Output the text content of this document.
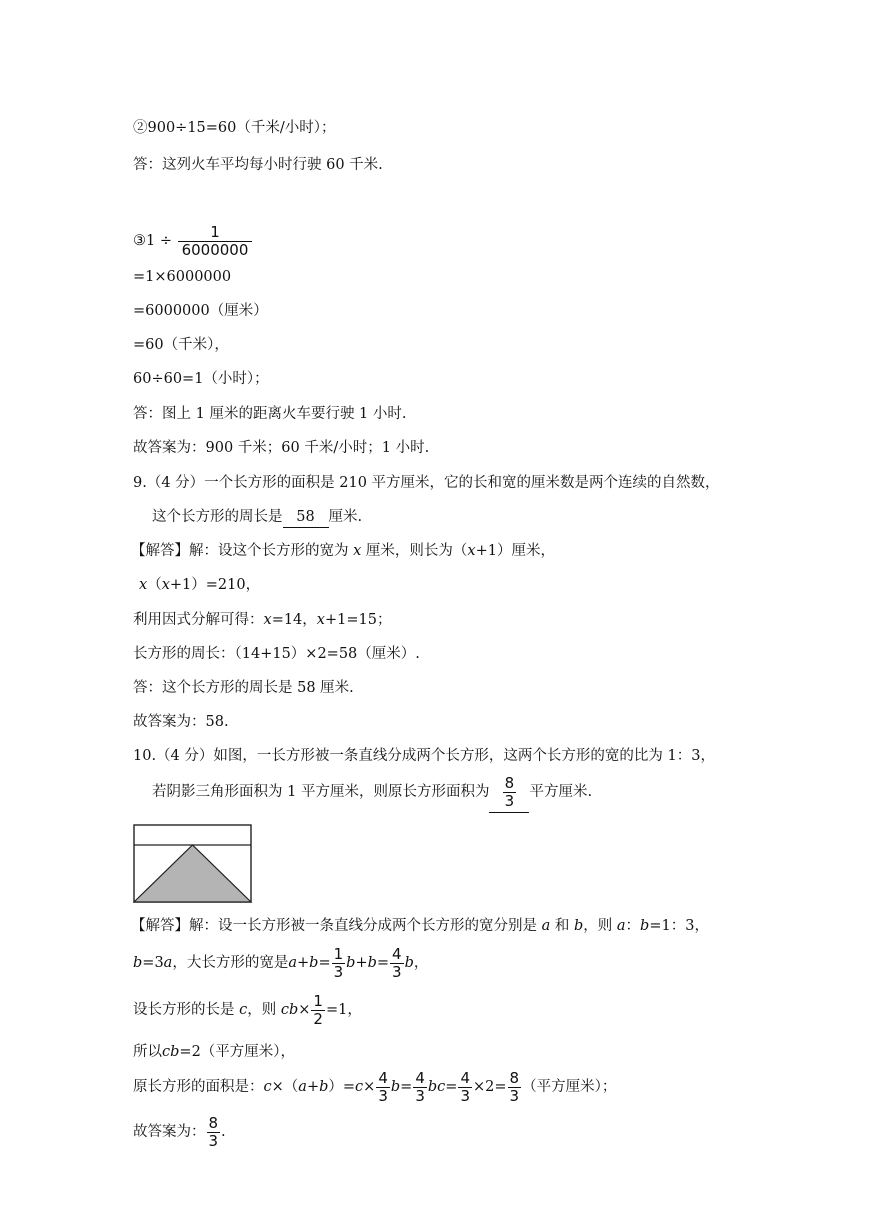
②900÷15=60（千米/小时）；
答：这列火车平均每小时行驶 60 千米.
③1 ÷ $\frac{1}{6000000}$
=1×6000000
=6000000（厘米）
=60（千米），
60÷60=1（小时）；
答：图上 1 厘米的距离火车要行驶 1 小时.
故答案为：900 千米；60 千米/小时；1 小时.
9.（4 分）一个长方形的面积是 210 平方厘米，它的长和宽的厘米数是两个连续的自然数，
这个长方形的周长是 58 厘米.
【解答】解：设这个长方形的宽为 x 厘米，则长为（x+1）厘米，
x（x+1）=210，
利用因式分解可得：x=14，x+1=15；
长方形的周长：（14+15）×2=58（厘米）.
答：这个长方形的周长是 58 厘米.
故答案为：58.
10.（4 分）如图，一长方形被一条直线分成两个长方形，这两个长方形的宽的比为 1：3，
若阴影三角形面积为 1 平方厘米，则原长方形面积为 $\frac{8}{3}$ 平方厘米.
【解答】解：设一长方形被一条直线分成两个长方形的宽分别是 a 和 b，则 a：b=1：3，
b=3a，大长方形的宽是$a+b= \frac{1}{3} b+b= \frac{4}{3}$ b，
设长方形的长是 c，则 $cb\times \frac{1}{2} =1$，
所以cb=2（平方厘米），
原长方形的面积是：$c\times(a+b)=c\times \frac{4}{3} b= \frac{4}{3} bc= \frac{4}{3} \times 2= \frac{8}{3}$ （平方厘米）；
故答案为： $\frac{8}{3}$ .
